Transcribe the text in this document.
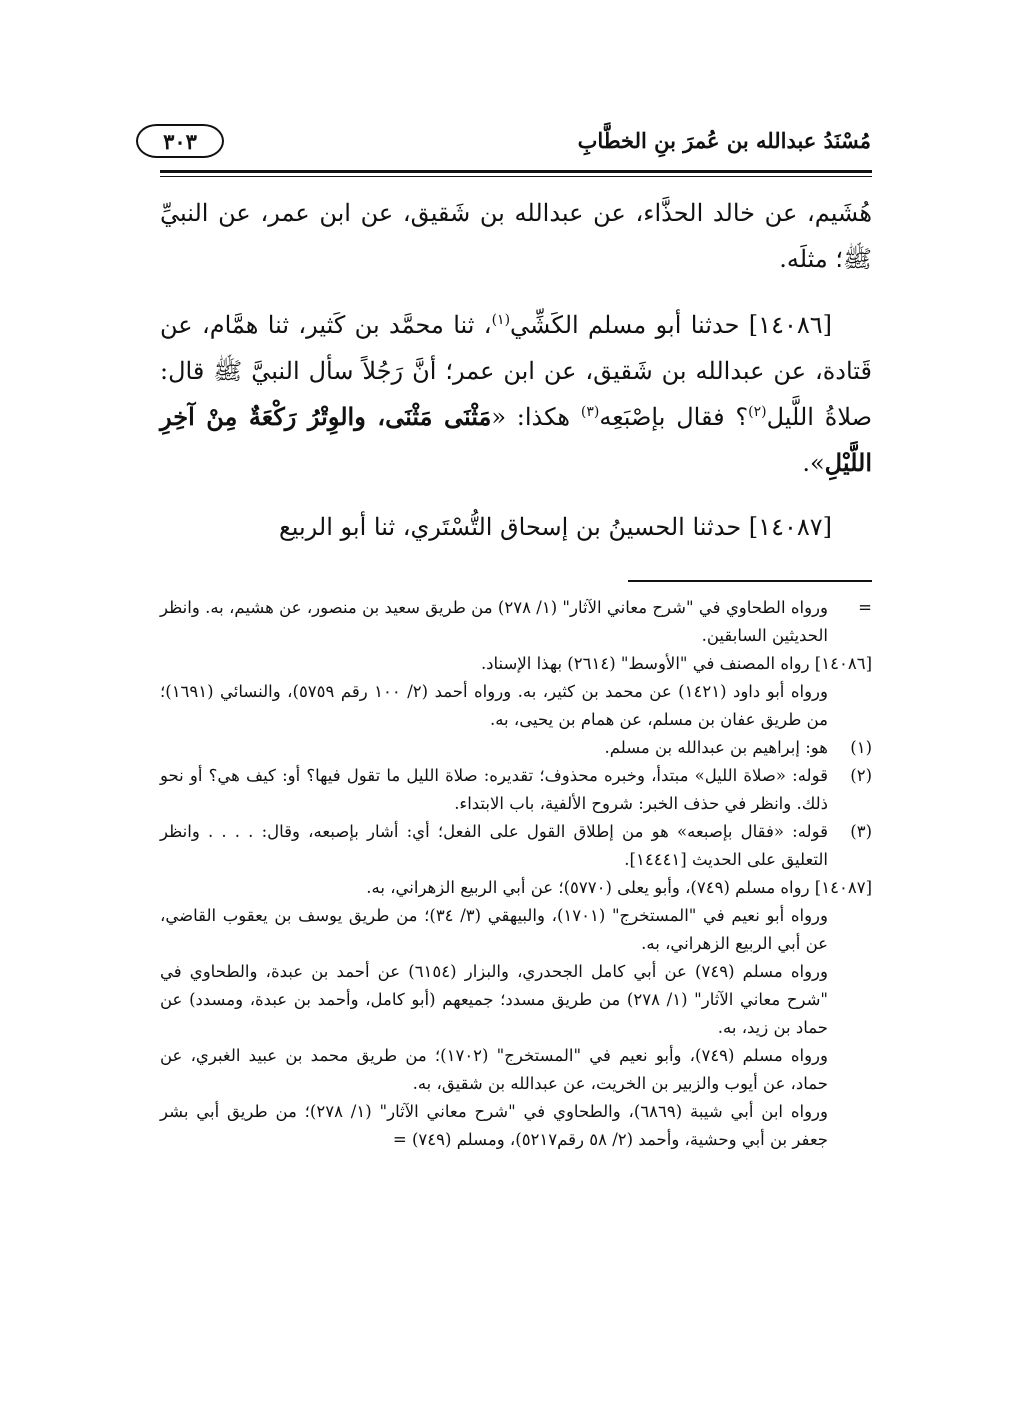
مُسْنَدُ عبدالله بن عُمرَ بنِ الخطَّابِ
٣٠٣

هُشَيم، عن خالد الحذَّاء، عن عبدالله بن شَقيق، عن ابن عمر، عن النبيِّ ﷺ؛ مثلَه.

[١٤٠٨٦] حدثنا أبو مسلم الكَشِّي$^{(١)}$، ثنا محمَّد بن كَثير، ثنا همَّام، عن قَتادة، عن عبدالله بن شَقيق، عن ابن عمر؛ أنَّ رَجُلاً سأل النبيَّ ﷺ قال: صلاةُ اللَّيل$^{(٢)}$؟ فقال بإصْبَعِه$^{(٣)}$ هكذا: «مَثْنَى مَثْنَى، والوِتْرُ رَكْعَةٌ مِنْ آخِرِ اللَّيْلِ».

[١٤٠٨٧] حدثنا الحسينُ بن إسحاق التُّسْتَري، ثنا أبو الربيع

=
ورواه الطحاوي في "شرح معاني الآثار" (١/ ٢٧٨) من طريق سعيد بن منصور، عن هشيم، به. وانظر الحديثين السابقين.

[١٤٠٨٦] رواه المصنف في "الأوسط" (٢٦١٤) بهذا الإسناد.

ورواه أبو داود (١٤٢١) عن محمد بن كثير، به. ورواه أحمد (٢/ ١٠٠ رقم ٥٧٥٩)، والنسائي (١٦٩١)؛ من طريق عفان بن مسلم، عن همام بن يحيى، به.

(١)
هو: إبراهيم بن عبدالله بن مسلم.

(٢)
قوله: «صلاة الليل» مبتدأ، وخبره محذوف؛ تقديره: صلاة الليل ما تقول فيها؟ أو: كيف هي؟ أو نحو ذلك. وانظر في حذف الخبر: شروح الألفية، باب الابتداء.

(٣)
قوله: «فقال بإصبعه» هو من إطلاق القول على الفعل؛ أي: أشار بإصبعه، وقال: . . . . وانظر التعليق على الحديث [١٤٤٤١].

[١٤٠٨٧] رواه مسلم (٧٤٩)، وأبو يعلى (٥٧٧٠)؛ عن أبي الربيع الزهراني، به.

ورواه أبو نعيم في "المستخرج" (١٧٠١)، والبيهقي (٣/ ٣٤)؛ من طريق يوسف بن يعقوب القاضي، عن أبي الربيع الزهراني، به.

ورواه مسلم (٧٤٩) عن أبي كامل الجحدري، والبزار (٦١٥٤) عن أحمد بن عبدة، والطحاوي في "شرح معاني الآثار" (١/ ٢٧٨) من طريق مسدد؛ جميعهم (أبو كامل، وأحمد بن عبدة، ومسدد) عن حماد بن زيد، به.

ورواه مسلم (٧٤٩)، وأبو نعيم في "المستخرج" (١٧٠٢)؛ من طريق محمد بن عبيد الغبري، عن حماد، عن أيوب والزبير بن الخريت، عن عبدالله بن شقيق، به.

ورواه ابن أبي شيبة (٦٨٦٩)، والطحاوي في "شرح معاني الآثار" (١/ ٢٧٨)؛ من طريق أبي بشر جعفر بن أبي وحشية، وأحمد (٢/ ٥٨ رقم٥٢١٧)، ومسلم (٧٤٩) =
